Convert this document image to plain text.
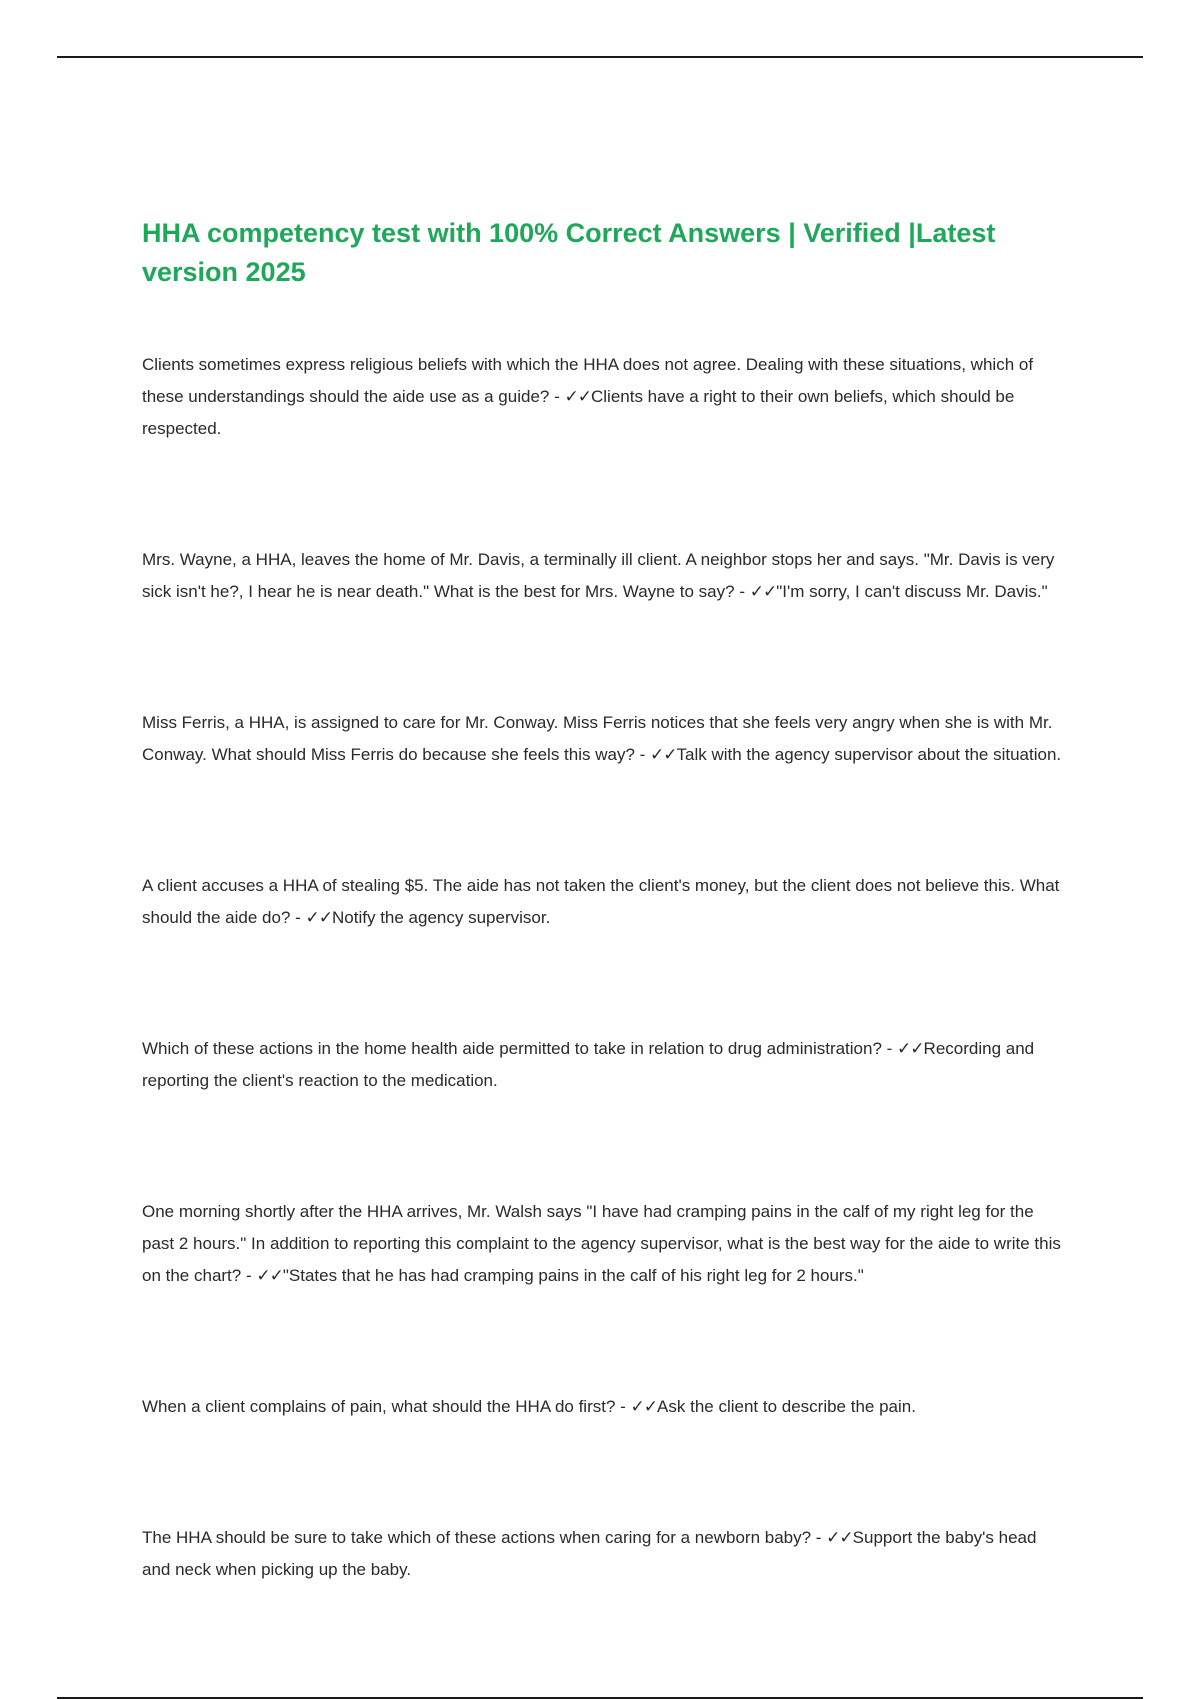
HHA competency test with 100% Correct Answers | Verified |Latest version 2025

Clients sometimes express religious beliefs with which the HHA does not agree. Dealing with these situations, which of these understandings should the aide use as a guide? - ✓✓Clients have a right to their own beliefs, which should be respected.

Mrs. Wayne, a HHA, leaves the home of Mr. Davis, a terminally ill client. A neighbor stops her and says. "Mr. Davis is very sick isn't he?, I hear he is near death." What is the best for Mrs. Wayne to say? - ✓✓"I'm sorry, I can't discuss Mr. Davis."

Miss Ferris, a HHA, is assigned to care for Mr. Conway. Miss Ferris notices that she feels very angry when she is with Mr. Conway. What should Miss Ferris do because she feels this way? - ✓✓Talk with the agency supervisor about the situation.

A client accuses a HHA of stealing $5. The aide has not taken the client's money, but the client does not believe this. What should the aide do? - ✓✓Notify the agency supervisor.

Which of these actions in the home health aide permitted to take in relation to drug administration? - ✓✓Recording and reporting the client's reaction to the medication.

One morning shortly after the HHA arrives, Mr. Walsh says "I have had cramping pains in the calf of my right leg for the past 2 hours." In addition to reporting this complaint to the agency supervisor, what is the best way for the aide to write this on the chart? - ✓✓"States that he has had cramping pains in the calf of his right leg for 2 hours."

When a client complains of pain, what should the HHA do first? - ✓✓Ask the client to describe the pain.

The HHA should be sure to take which of these actions when caring for a newborn baby? - ✓✓Support the baby's head and neck when picking up the baby.
